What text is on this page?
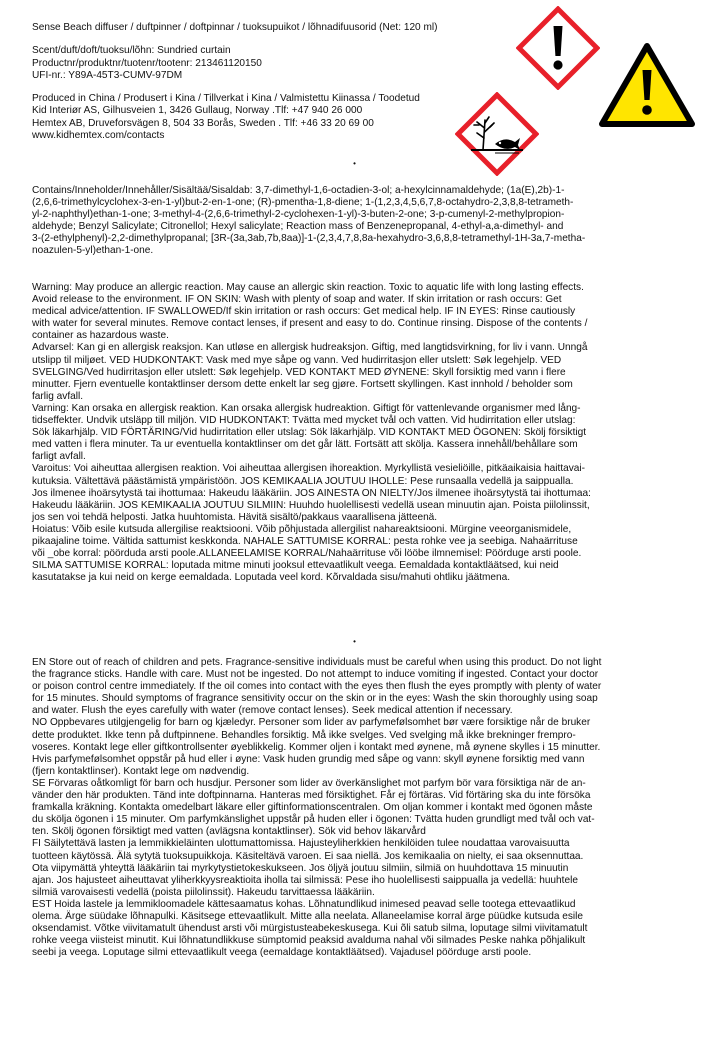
Sense Beach diffuser / duftpinner / doftpinnar / tuoksupuikot / lõhnadifuusorid (Net: 120 ml)

Scent/duft/doft/tuoksu/lõhn: Sundried curtain

Productnr/produktnr/tuotenr/tootenr: 213461120150

UFI-nr.: Y89A-45T3-CUMV-97DM

Produced in China / Produsert i Kina / Tillverkat i Kina / Valmistettu Kiinassa / Toodetud

Kid Interiør AS, Gilhusveien 1, 3426 Gullaug, Norway .Tlf: +47 940 26 000

Hemtex AB, Druveforsvägen 8, 504 33 Borås, Sweden . Tlf: +46 33 20 69 00

www.kidhemtex.com/contacts

•

Contains/Inneholder/Innehåller/Sisältää/Sisaldab: 3,7-dimethyl-1,6-octadien-3-ol; a-hexylcinnamaldehyde; (1a(E),2b)-1-

(2,6,6-trimethylcyclohex-3-en-1-yl)but-2-en-1-one; (R)-pmentha-1,8-diene; 1-(1,2,3,4,5,6,7,8-octahydro-2,3,8,8-tetrameth-

yl-2-naphthyl)ethan-1-one; 3-methyl-4-(2,6,6-trimethyl-2-cyclohexen-1-yl)-3-buten-2-one; 3-p-cumenyl-2-methylpropion-

aldehyde; Benzyl Salicylate; Citronellol; Hexyl salicylate; Reaction mass of Benzenepropanal, 4-ethyl-a,a-dimethyl- and

3-(2-ethylphenyl)-2,2-dimethylpropanal; [3R-(3a,3ab,7b,8aa)]-1-(2,3,4,7,8,8a-hexahydro-3,6,8,8-tetramethyl-1H-3a,7-metha-

noazulen-5-yl)ethan-1-one.

Warning: May produce an allergic reaction. May cause an allergic skin reaction. Toxic to aquatic life with long lasting effects.

Avoid release to the environment. IF ON SKIN: Wash with plenty of soap and water. If skin irritation or rash occurs: Get

medical advice/attention. IF SWALLOWED/If skin irritation or rash occurs: Get medical help. IF IN EYES: Rinse cautiously

with water for several minutes. Remove contact lenses, if present and easy to do. Continue rinsing. Dispose of the contents /

container as hazardous waste.

Advarsel: Kan gi en allergisk reaksjon. Kan utløse en allergisk hudreaksjon. Giftig, med langtidsvirkning, for liv i vann. Unngå

utslipp til miljøet. VED HUDKONTAKT: Vask med mye såpe og vann. Ved hudirritasjon eller utslett: Søk legehjelp. VED

SVELGING/Ved hudirritasjon eller utslett: Søk legehjelp. VED KONTAKT MED ØYNENE: Skyll forsiktig med vann i flere

minutter. Fjern eventuelle kontaktlinser dersom dette enkelt lar seg gjøre. Fortsett skyllingen. Kast innhold / beholder som

farlig avfall.

Varning: Kan orsaka en allergisk reaktion. Kan orsaka allergisk hudreaktion. Giftigt för vattenlevande organismer med lång-

tidseffekter. Undvik utsläpp till miljön. VID HUDKONTAKT: Tvätta med mycket tvål och vatten. Vid hudirritation eller utslag:

Sök läkarhjälp. VID FÖRTÄRING/Vid hudirritation eller utslag: Sök läkarhjälp. VID KONTAKT MED ÖGONEN: Skölj försiktigt

med vatten i flera minuter. Ta ur eventuella kontaktlinser om det går lätt. Fortsätt att skölja. Kassera innehåll/behållare som

farligt avfall.

Varoitus: Voi aiheuttaa allergisen reaktion. Voi aiheuttaa allergisen ihoreaktion. Myrkyllistä vesieliöille, pitkäaikaisia haittavai-

kutuksia. Vältettävä päästämistä ympäristöön. JOS KEMIKAALIA JOUTUU IHOLLE: Pese runsaalla vedellä ja saippualla.

Jos ilmenee ihoärsytystä tai ihottumaa: Hakeudu lääkäriin. JOS AINESTA ON NIELTY/Jos ilmenee ihoärsytystä tai ihottumaa:

Hakeudu lääkäriin. JOS KEMIKAALIA JOUTUU SILMIIN: Huuhdo huolellisesti vedellä usean minuutin ajan. Poista piilolinssit,

jos sen voi tehdä helposti. Jatka huuhtomista. Hävitä sisältö/pakkaus vaarallisena jätteenä.

Hoiatus: Võib esile kutsuda allergilise reaktsiooni. Võib põhjustada allergilist nahareaktsiooni. Mürgine veeorganismidele,

pikaajaline toime. Vältida sattumist keskkonda. NAHALE SATTUMISE KORRAL: pesta rohke vee ja seebiga. Nahaärrituse

või _obe korral: pöörduda arsti poole.ALLANEELAMISE KORRAL/Nahaärrituse või lööbe ilmnemisel: Pöörduge arsti poole.

SILMA SATTUMISE KORRAL: loputada mitme minuti jooksul ettevaatlikult veega. Eemaldada kontaktläätsed, kui neid

kasutatakse ja kui neid on kerge eemaldada. Loputada veel kord. Kõrvaldada sisu/mahuti ohtliku jäätmena.

•

EN Store out of reach of children and pets. Fragrance-sensitive individuals must be careful when using this product. Do not light

the fragrance sticks. Handle with care. Must not be ingested. Do not attempt to induce vomiting if ingested. Contact your doctor

or poison control centre immediately. If the oil comes into contact with the eyes then flush the eyes promptly with plenty of water

for 15 minutes. Should symptoms of fragrance sensitivity occur on the skin or in the eyes: Wash the skin thoroughly using soap

and water. Flush the eyes carefully with water (remove contact lenses). Seek medical attention if necessary.

NO Oppbevares utilgjengelig for barn og kjæledyr. Personer som lider av parfymefølsomhet bør være forsiktige når de bruker

dette produktet. Ikke tenn på duftpinnene. Behandles forsiktig. Må ikke svelges. Ved svelging må ikke brekninger frempro-

voseres. Kontakt lege eller giftkontrollsenter øyeblikkelig. Kommer oljen i kontakt med øynene, må øynene skylles i 15 minutter.

Hvis parfymefølsomhet oppstår på hud eller i øyne: Vask huden grundig med såpe og vann: skyll øynene forsiktig med vann

(fjern kontaktlinser). Kontakt lege om nødvendig.

SE Förvaras oåtkomligt för barn och husdjur. Personer som lider av överkänslighet mot parfym bör vara försiktiga när de an-

vänder den här produkten. Tänd inte doftpinnarna. Hanteras med försiktighet. Får ej förtäras. Vid förtäring ska du inte försöka

framkalla kräkning. Kontakta omedelbart läkare eller giftinformationscentralen. Om oljan kommer i kontakt med ögonen måste

du skölja ögonen i 15 minuter. Om parfymkänslighet uppstår på huden eller i ögonen: Tvätta huden grundligt med tvål och vat-

ten. Skölj ögonen försiktigt med vatten (avlägsna kontaktlinser). Sök vid behov läkarvård

FI Säilytettävä lasten ja lemmikkieläinten ulottumattomissa. Hajusteyliherkkien henkilöiden tulee noudattaa varovaisuutta

tuotteen käytössä. Älä sytytä tuoksupuikkoja. Käsiteltävä varoen. Ei saa niellä. Jos kemikaalia on nielty, ei saa oksennuttaa.

Ota viipymättä yhteyttä lääkäriin tai myrkytystietokeskukseen. Jos öljyä joutuu silmiin, silmiä on huuhdottava 15 minuutin

ajan. Jos hajusteet aiheuttavat yliherkkyysreaktioita iholla tai silmissä: Pese iho huolellisesti saippualla ja vedellä: huuhtele

silmiä varovaisesti vedellä (poista piilolinssit). Hakeudu tarvittaessa lääkäriin.

EST Hoida lastele ja lemmikloomadele kättesaamatus kohas. Lõhnatundlikud inimesed peavad selle tootega ettevaatlikud

olema. Ärge süüdake lõhnapulki. Käsitsege ettevaatlikult. Mitte alla neelata. Allaneelamise korral ärge püüdke kutsuda esile

oksendamist. Võtke viivitamatult ühendust arsti või mürgistusteabekeskusega. Kui õli satub silma, loputage silmi viivitamatult

rohke veega viisteist minutit. Kui lõhnatundlikkuse sümptomid peaksid avalduma nahal või silmades Peske nahka põhjalikult

seebi ja veega. Loputage silmi ettevaatlikult veega (eemaldage kontaktläätsed). Vajadusel pöörduge arsti poole.
